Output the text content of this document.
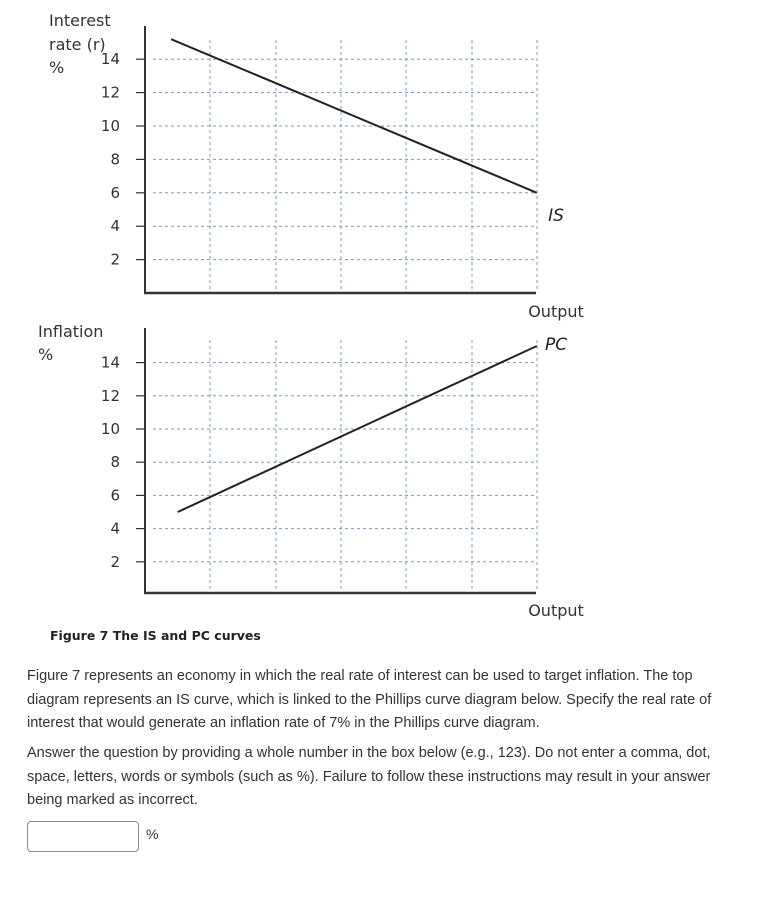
2
4
6
8
10
12
14
Interest
rate (r)
%
Output
IS
2
4
6
8
10
12
14
Inflation
%
Output
PC
Figure 7 The IS and PC curves

Figure 7 represents an economy in which the real rate of interest can be used to target inflation. The top diagram represents an IS curve, which is linked to the Phillips curve diagram below. Specify the real rate of interest that would generate an inflation rate of 7% in the Phillips curve diagram.

Answer the question by providing a whole number in the box below (e.g., 123). Do not enter a comma, dot, space, letters, words or symbols (such as %). Failure to follow these instructions may result in your answer being marked as incorrect.

%
